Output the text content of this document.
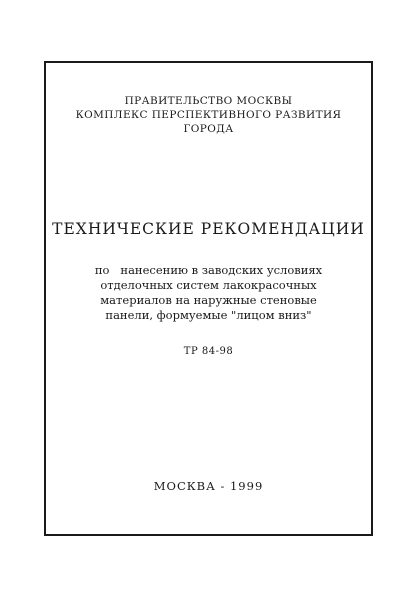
ПРАВИТЕЛЬСТВО МОСКВЫ
КОМПЛЕКС ПЕРСПЕКТИВНОГО РАЗВИТИЯ
ГОРОДА
ТЕХНИЧЕСКИЕ РЕКОМЕНДАЦИИ
по   нанесению в заводских условиях
отделочных систем лакокрасочных
материалов на наружные стеновые
панели, формуемые "лицом вниз"
ТР 84-98
МОСКВА - 1999
